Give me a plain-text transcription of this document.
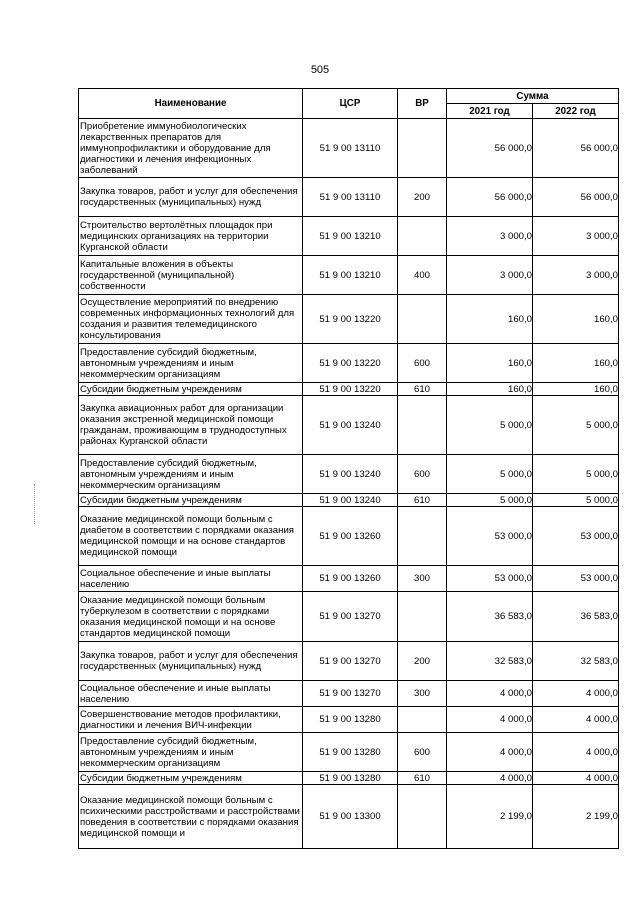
505
Наименование	ЦСР	ВР	Сумма	
			2021 год	2022 год
Приобретение иммунобиологических лекарственных препаратов для иммунопрофилактики и оборудование для диагностики и лечения инфекционных заболеваний	51 9 00 13110		56 000,0	56 000,0
Закупка товаров, работ и услуг для обеспечения государственных (муниципальных) нужд	51 9 00 13110	200	56 000,0	56 000,0
Строительство вертолётных площадок при медицинских организациях на территории Курганской области	51 9 00 13210		3 000,0	3 000,0
Капитальные вложения в объекты государственной (муниципальной) собственности	51 9 00 13210	400	3 000,0	3 000,0
Осуществление мероприятий по внедрению современных информационных технологий для создания и развития телемедицинского консультирования	51 9 00 13220		160,0	160,0
Предоставление субсидий бюджетным, автономным учреждениям и иным некоммерческим организациям	51 9 00 13220	600	160,0	160,0
Субсидии бюджетным учреждениям	51 9 00 13220	610	160,0	160,0
Закупка авиационных работ для организации оказания экстренной медицинской помощи гражданам, проживающим в труднодоступных районах Курганской области	51 9 00 13240		5 000,0	5 000,0
Предоставление субсидий бюджетным, автономным учреждениям и иным некоммерческим организациям	51 9 00 13240	600	5 000,0	5 000,0
Субсидии бюджетным учреждениям	51 9 00 13240	610	5 000,0	5 000,0
Оказание медицинской помощи больным с диабетом в соответствии с порядками оказания медицинской помощи и на основе стандартов медицинской помощи	51 9 00 13260		53 000,0	53 000,0
Социальное обеспечение и иные выплаты населению	51 9 00 13260	300	53 000,0	53 000,0
Оказание медицинской помощи больным туберкулезом в соответствии с порядками оказания медицинской помощи и на основе стандартов медицинской помощи	51 9 00 13270		36 583,0	36 583,0
Закупка товаров, работ и услуг для обеспечения государственных (муниципальных) нужд	51 9 00 13270	200	32 583,0	32 583,0
Социальное обеспечение и иные выплаты населению	51 9 00 13270	300	4 000,0	4 000,0
Совершенствование методов профилактики, диагностики и лечения ВИЧ-инфекции	51 9 00 13280		4 000,0	4 000,0
Предоставление субсидий бюджетным, автономным учреждениям и иным некоммерческим организациям	51 9 00 13280	600	4 000,0	4 000,0
Субсидии бюджетным учреждениям	51 9 00 13280	610	4 000,0	4 000,0
Оказание медицинской помощи больным с психическими расстройствами и расстройствами поведения в соответствии с порядками оказания медицинской помощи и	51 9 00 13300		2 199,0	2 199,0
